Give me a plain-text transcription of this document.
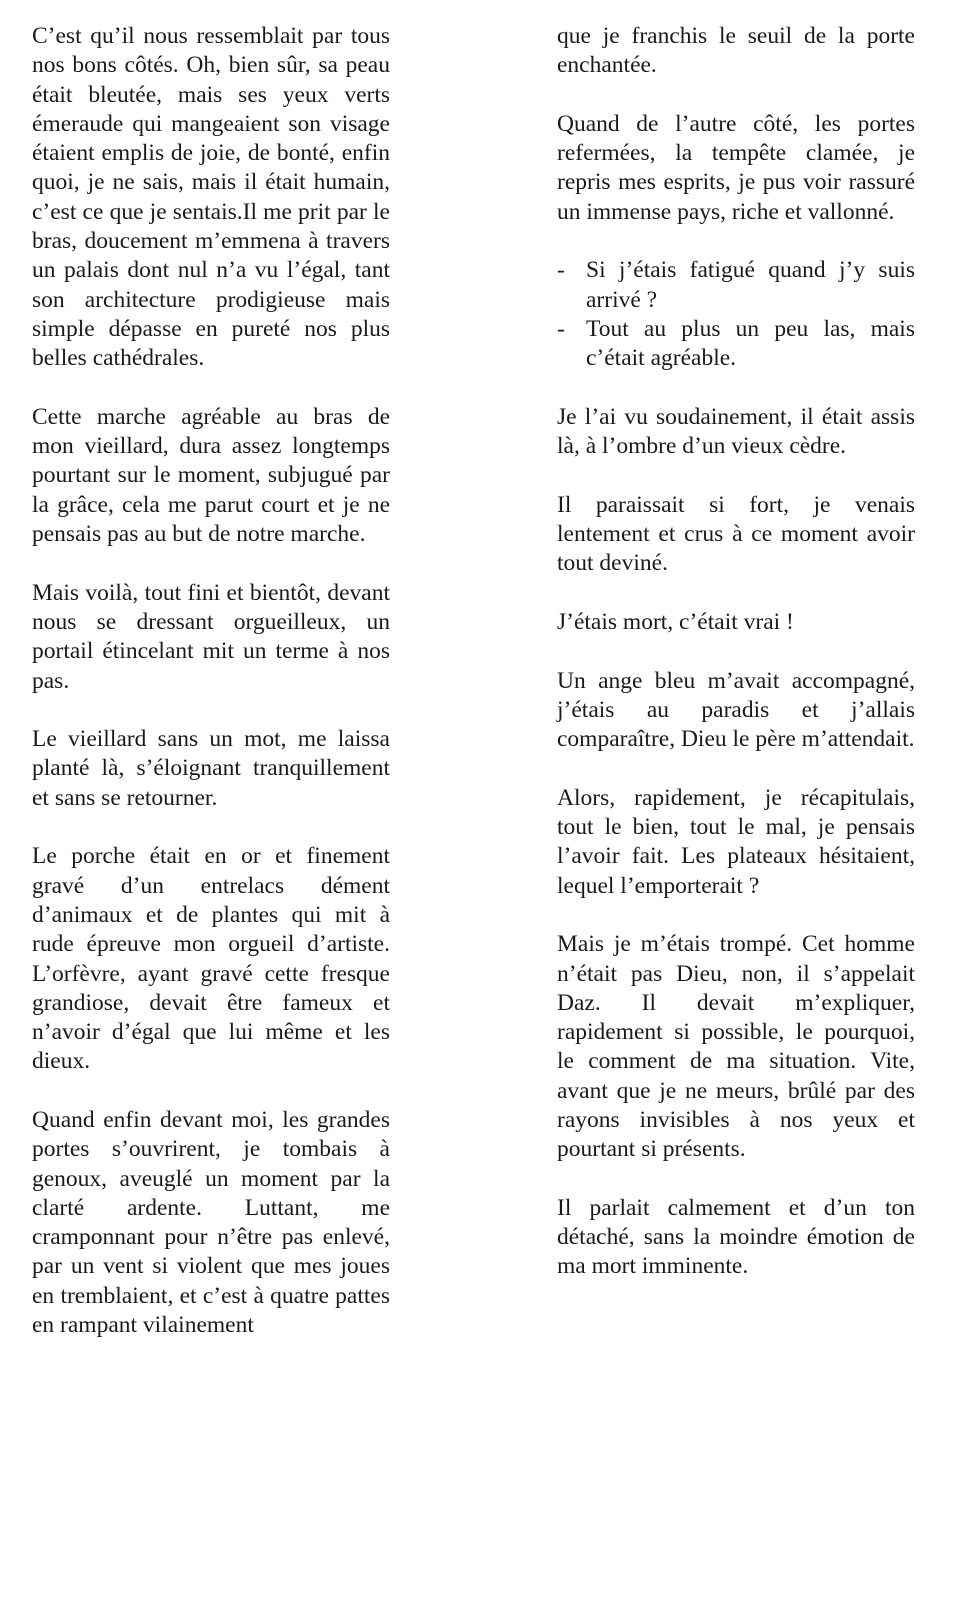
C’est qu’il nous ressemblait par tous nos bons côtés. Oh, bien sûr, sa peau était bleutée, mais ses yeux verts émeraude qui mangeaient son visage étaient emplis de joie, de bonté, enfin quoi, je ne sais, mais il était humain, c’est ce que je sentais.Il me prit par le bras, doucement m’emmena à travers un palais dont nul n’a vu l’égal, tant son architecture prodigieuse mais simple dépasse en pureté nos plus belles cathédrales.

Cette marche agréable au bras de mon vieillard, dura assez longtemps pourtant sur le moment, subjugué par la grâce, cela me parut court et je ne pensais pas au but de notre marche.

Mais voilà, tout fini et bientôt, devant nous se dressant orgueilleux, un portail étincelant mit un terme à nos pas.

Le vieillard sans un mot, me laissa planté là, s’éloignant tranquillement et sans se retourner.

Le porche était en or et finement gravé d’un entrelacs dément d’animaux et de plantes qui mit à rude épreuve mon orgueil d’artiste. L’orfèvre, ayant gravé cette fresque grandiose, devait être fameux et n’avoir d’égal que lui même et les dieux.

Quand enfin devant moi, les grandes portes s’ouvrirent, je tombais à genoux, aveuglé un moment par la clarté ardente. Luttant, me cramponnant pour n’être pas enlevé, par un vent si violent que mes joues en tremblaient, et c’est à quatre pattes en rampant vilainement

que je franchis le seuil de la porte enchantée.

Quand de l’autre côté, les portes refermées, la tempête clamée, je repris mes esprits, je pus voir rassuré un immense pays, riche et vallonné.

- Si j’étais fatigué quand j’y suis arrivé ?
- Tout au plus un peu las, mais c’était agréable.

Je l’ai vu soudainement, il était assis là, à l’ombre d’un vieux cèdre.

Il paraissait si fort, je venais lentement et crus à ce moment avoir tout deviné.

J’étais mort, c’était vrai !

Un ange bleu m’avait accompagné, j’étais au paradis et j’allais comparaître, Dieu le père m’attendait.

Alors, rapidement, je récapitulais, tout le bien, tout le mal, je pensais l’avoir fait. Les plateaux hésitaient, lequel l’emporterait ?

Mais je m’étais trompé. Cet homme n’était pas Dieu, non, il s’appelait Daz. Il devait m’expliquer, rapidement si possible, le pourquoi, le comment de ma situation. Vite, avant que je ne meurs, brûlé par des rayons invisibles à nos yeux et pourtant si présents.

Il parlait calmement et d’un ton détaché, sans la moindre émotion de ma mort imminente.
